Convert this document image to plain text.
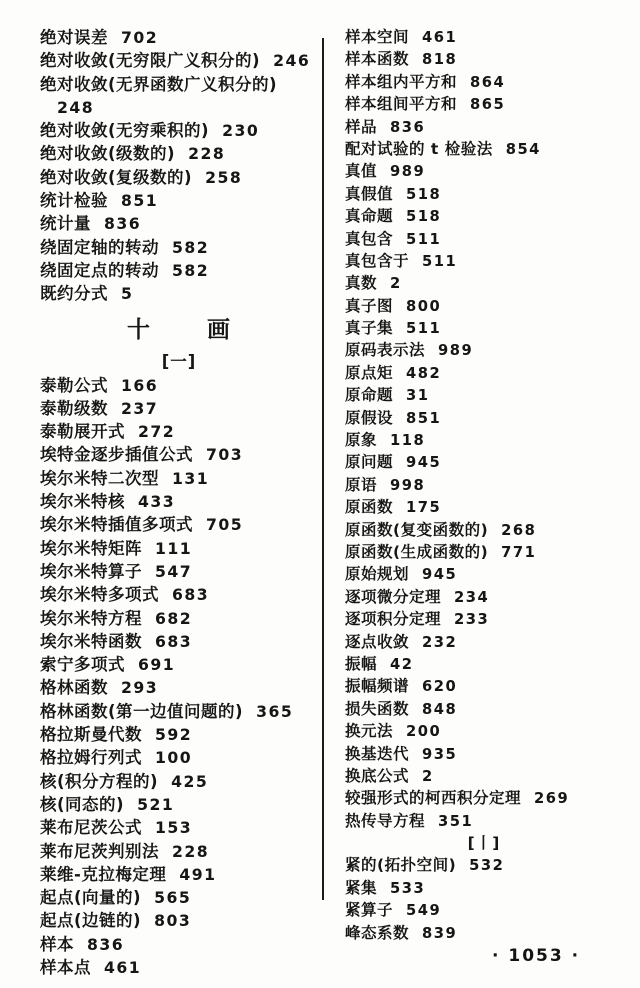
绝对误差 702
绝对收敛(无穷限广义积分的) 246
绝对收敛(无界函数广义积分的)
248
绝对收敛(无穷乘积的) 230
绝对收敛(级数的) 228
绝对收敛(复级数的) 258
统计检验 851
统计量 836
绕固定轴的转动 582
绕固定点的转动 582
既约分式 5
十 画
[一]
泰勒公式 166
泰勒级数 237
泰勒展开式 272
埃特金逐步插值公式 703
埃尔米特二次型 131
埃尔米特核 433
埃尔米特插值多项式 705
埃尔米特矩阵 111
埃尔米特算子 547
埃尔米特多项式 683
埃尔米特方程 682
埃尔米特函数 683
索宁多项式 691
格林函数 293
格林函数(第一边值问题的) 365
格拉斯曼代数 592
格拉姆行列式 100
核(积分方程的) 425
核(同态的) 521
莱布尼茨公式 153
莱布尼茨判别法 228
莱维-克拉梅定理 491
起点(向量的) 565
起点(边链的) 803
样本 836
样本点 461
样本空间 461
样本函数 818
样本组内平方和 864
样本组间平方和 865
样品 836
配对试验的 t 检验法 854
真值 989
真假值 518
真命题 518
真包含 511
真包含于 511
真数 2
真子图 800
真子集 511
原码表示法 989
原点矩 482
原命题 31
原假设 851
原象 118
原问题 945
原语 998
原函数 175
原函数(复变函数的) 268
原函数(生成函数的) 771
原始规划 945
逐项微分定理 234
逐项积分定理 233
逐点收敛 232
振幅 42
振幅频谱 620
损失函数 848
换元法 200
换基迭代 935
换底公式 2
较强形式的柯西积分定理 269
热传导方程 351
[丨]
紧的(拓扑空间) 532
紧集 533
紧算子 549
峰态系数 839
· 1053 ·
